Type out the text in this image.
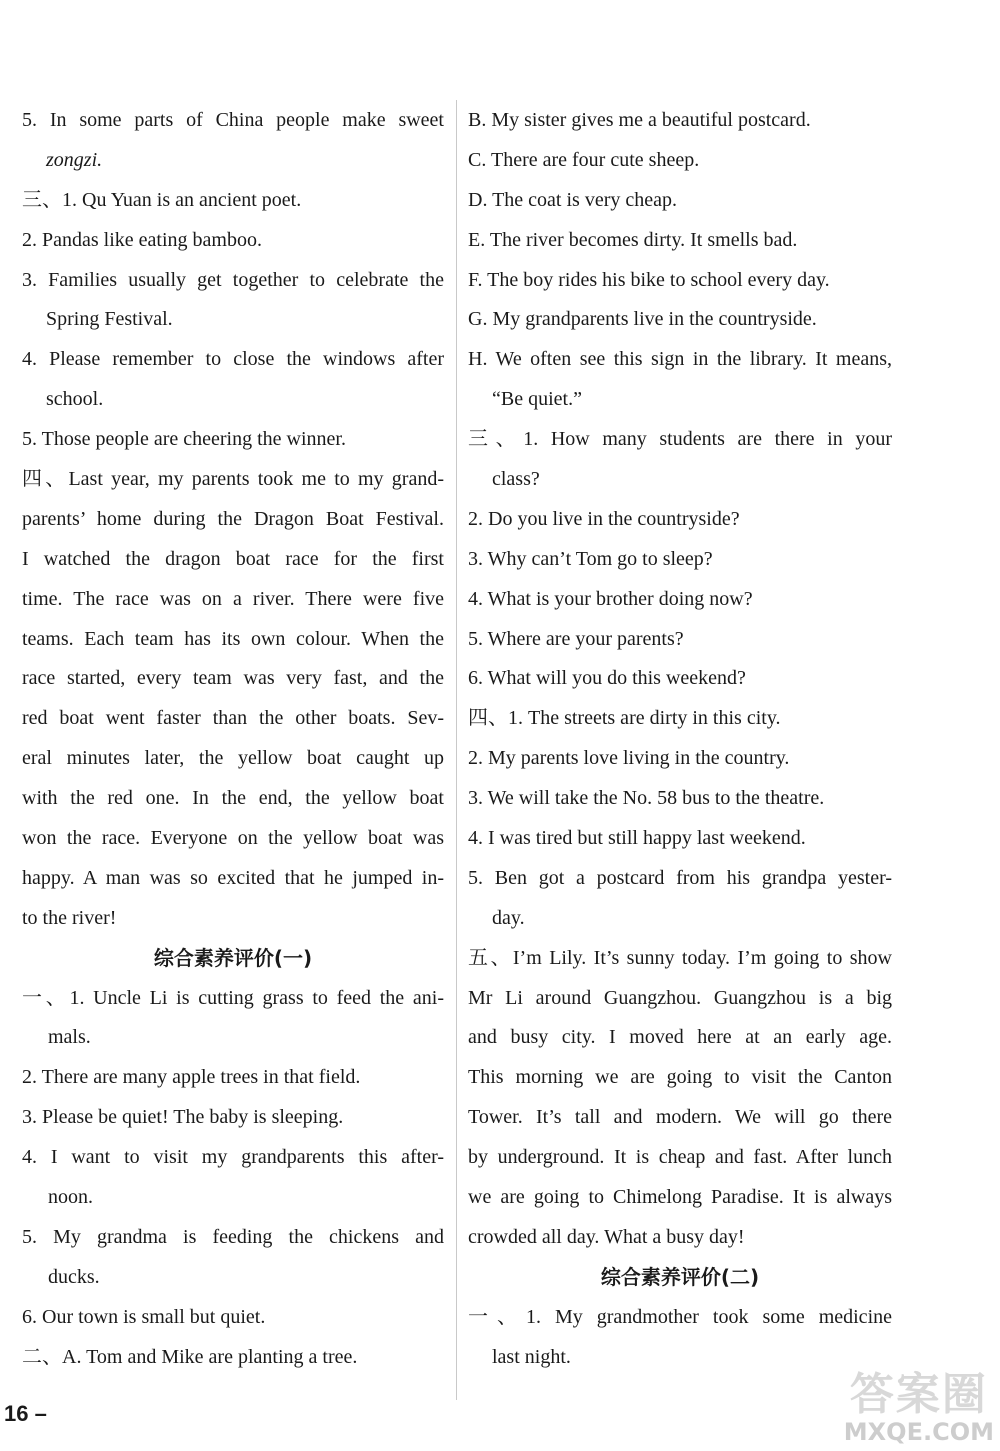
5. In some parts of China people make sweet
zongzi.
三、1. Qu Yuan is an ancient poet.
2. Pandas like eating bamboo.
3. Families usually get together to celebrate the
Spring Festival.
4. Please remember to close the windows after
school.
5. Those people are cheering the winner.
四、Last year, my parents took me to my grand-
parents’ home during the Dragon Boat Festival.
I watched the dragon boat race for the first
time. The race was on a river. There were five
teams. Each team has its own colour. When the
race started, every team was very fast, and the
red boat went faster than the other boats. Sev-
eral minutes later, the yellow boat caught up
with the red one. In the end, the yellow boat
won the race. Everyone on the yellow boat was
happy. A man was so excited that he jumped in-
to the river!
综合素养评价(一)
一、1. Uncle Li is cutting grass to feed the ani-
mals.
2. There are many apple trees in that field.
3. Please be quiet! The baby is sleeping.
4. I want to visit my grandparents this after-
noon.
5. My grandma is feeding the chickens and
ducks.
6. Our town is small but quiet.
二、A. Tom and Mike are planting a tree.
B. My sister gives me a beautiful postcard.
C. There are four cute sheep.
D. The coat is very cheap.
E. The river becomes dirty. It smells bad.
F. The boy rides his bike to school every day.
G. My grandparents live in the countryside.
H. We often see this sign in the library. It means,
“Be quiet.”
三、1. How many students are there in your
class?
2. Do you live in the countryside?
3. Why can’t Tom go to sleep?
4. What is your brother doing now?
5. Where are your parents?
6. What will you do this weekend?
四、1. The streets are dirty in this city.
2. My parents love living in the country.
3. We will take the No. 58 bus to the theatre.
4. I was tired but still happy last weekend.
5. Ben got a postcard from his grandpa yester-
day.
五、I’m Lily. It’s sunny today. I’m going to show
Mr Li around Guangzhou. Guangzhou is a big
and busy city. I moved here at an early age.
This morning we are going to visit the Canton
Tower. It’s tall and modern. We will go there
by underground. It is cheap and fast. After lunch
we are going to Chimelong Paradise. It is always
crowded all day. What a busy day!
综合素养评价(二)
一、1. My grandmother took some medicine
last night.
16 –	答案圈
MXQE.COM
